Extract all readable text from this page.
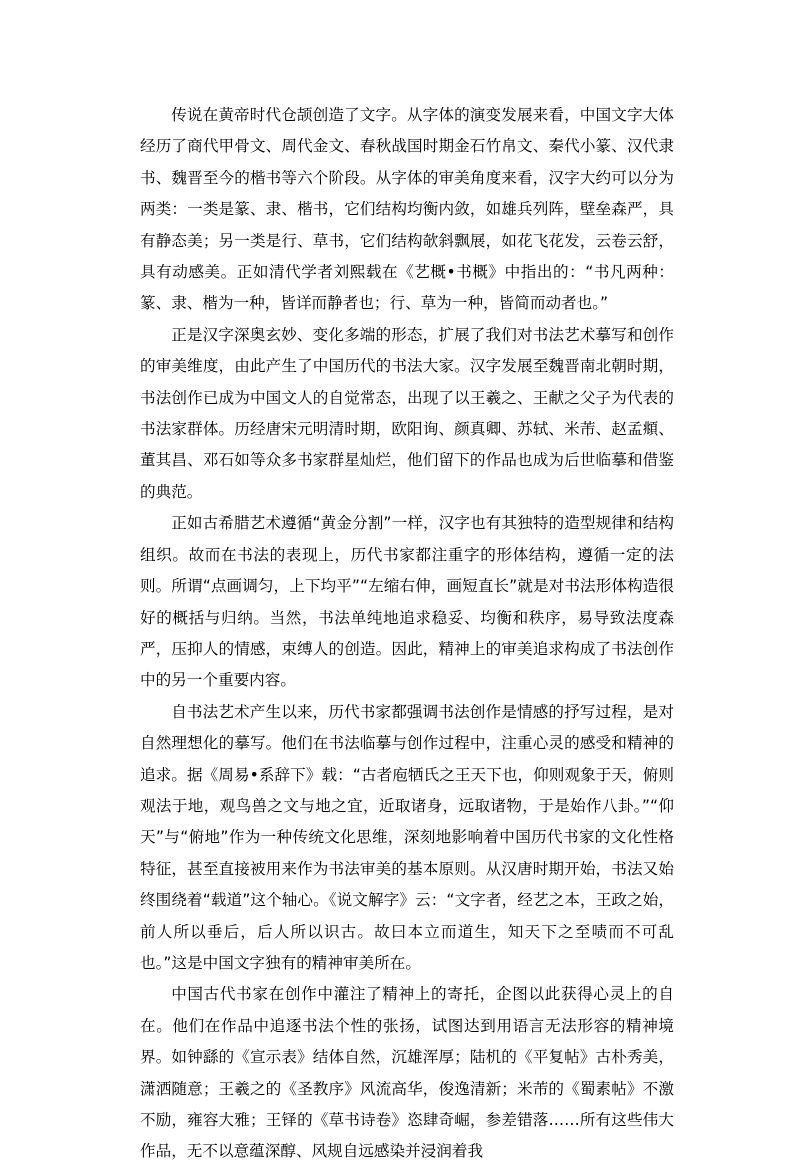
传说在黄帝时代仓颉创造了文字。从字体的演变发展来看，中国文字大体经历了商代甲骨文、周代金文、春秋战国时期金石竹帛文、秦代小篆、汉代隶书、魏晋至今的楷书等六个阶段。从字体的审美角度来看，汉字大约可以分为两类：一类是篆、隶、楷书，它们结构均衡内敛，如雄兵列阵，壁垒森严，具有静态美；另一类是行、草书，它们结构欹斜飘展，如花飞花发，云卷云舒，具有动感美。正如清代学者刘熙载在《艺概•书概》中指出的：“书凡两种：篆、隶、楷为一种，皆详而静者也；行、草为一种，皆简而动者也。”

正是汉字深奥玄妙、变化多端的形态，扩展了我们对书法艺术摹写和创作的审美维度，由此产生了中国历代的书法大家。汉字发展至魏晋南北朝时期，书法创作已成为中国文人的自觉常态，出现了以王羲之、王献之父子为代表的书法家群体。历经唐宋元明清时期，欧阳询、颜真卿、苏轼、米芾、赵孟頫、董其昌、邓石如等众多书家群星灿烂，他们留下的作品也成为后世临摹和借鉴的典范。

正如古希腊艺术遵循“黄金分割”一样，汉字也有其独特的造型规律和结构组织。故而在书法的表现上，历代书家都注重字的形体结构，遵循一定的法则。所谓“点画调匀，上下均平”“左缩右伸，画短直长”就是对书法形体构造很好的概括与归纳。当然，书法单纯地追求稳妥、均衡和秩序，易导致法度森严，压抑人的情感，束缚人的创造。因此，精神上的审美追求构成了书法创作中的另一个重要内容。

自书法艺术产生以来，历代书家都强调书法创作是情感的抒写过程，是对自然理想化的摹写。他们在书法临摹与创作过程中，注重心灵的感受和精神的追求。据《周易•系辞下》载：“古者庖牺氏之王天下也，仰则观象于天，俯则观法于地，观鸟兽之文与地之宜，近取诸身，远取诸物，于是始作八卦。”“仰天”与“俯地”作为一种传统文化思维，深刻地影响着中国历代书家的文化性格特征，甚至直接被用来作为书法审美的基本原则。从汉唐时期开始，书法又始终围绕着“载道”这个轴心。《说文解字》云：“文字者，经艺之本，王政之始，前人所以垂后，后人所以识古。故曰本立而道生，知天下之至啧而不可乱也。”这是中国文字独有的精神审美所在。

中国古代书家在创作中灌注了精神上的寄托，企图以此获得心灵上的自在。他们在作品中追逐书法个性的张扬，试图达到用语言无法形容的精神境界。如钟繇的《宣示表》结体自然，沉雄浑厚；陆机的《平复帖》古朴秀美，潇洒随意；王羲之的《圣教序》风流高华，俊逸清新；米芾的《蜀素帖》不激不励，雍容大雅；王铎的《草书诗卷》恣肆奇崛，参差错落……所有这些伟大作品，无不以意蕴深醇、风规自远感染并浸润着我
